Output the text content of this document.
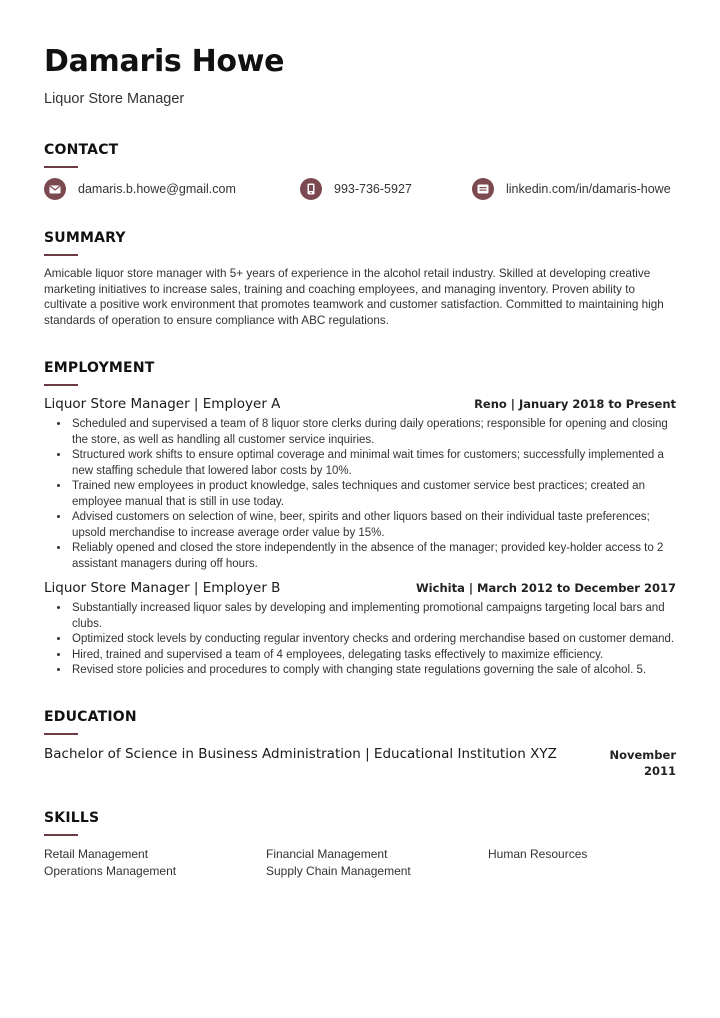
Damaris Howe
Liquor Store Manager
CONTACT
damaris.b.howe@gmail.com	993-736-5927	linkedin.com/in/damaris-howe
SUMMARY

Amicable liquor store manager with 5+ years of experience in the alcohol retail industry. Skilled at developing creative marketing initiatives to increase sales, training and coaching employees, and managing inventory. Proven ability to cultivate a positive work environment that promotes teamwork and customer satisfaction. Committed to maintaining high standards of operation to ensure compliance with ABC regulations.

EMPLOYMENT
Liquor Store Manager | Employer A	Reno | January 2018 to Present
• Scheduled and supervised a team of 8 liquor store clerks during daily operations; responsible for opening and closing the store, as well as handling all customer service inquiries.
• Structured work shifts to ensure optimal coverage and minimal wait times for customers; successfully implemented a new staffing schedule that lowered labor costs by 10%.
• Trained new employees in product knowledge, sales techniques and customer service best practices; created an employee manual that is still in use today.
• Advised customers on selection of wine, beer, spirits and other liquors based on their individual taste preferences; upsold merchandise to increase average order value by 15%.
• Reliably opened and closed the store independently in the absence of the manager; provided key-holder access to 2 assistant managers during off hours.
Liquor Store Manager | Employer B	Wichita | March 2012 to December 2017
• Substantially increased liquor sales by developing and implementing promotional campaigns targeting local bars and clubs.
• Optimized stock levels by conducting regular inventory checks and ordering merchandise based on customer demand.
• Hired, trained and supervised a team of 4 employees, delegating tasks effectively to maximize efficiency.
• Revised store policies and procedures to comply with changing state regulations governing the sale of alcohol. 5.
EDUCATION
Bachelor of Science in Business Administration | Educational Institution XYZ	November 2011
SKILLS
Retail Management	Financial Management	Human Resources
Operations Management	Supply Chain Management
